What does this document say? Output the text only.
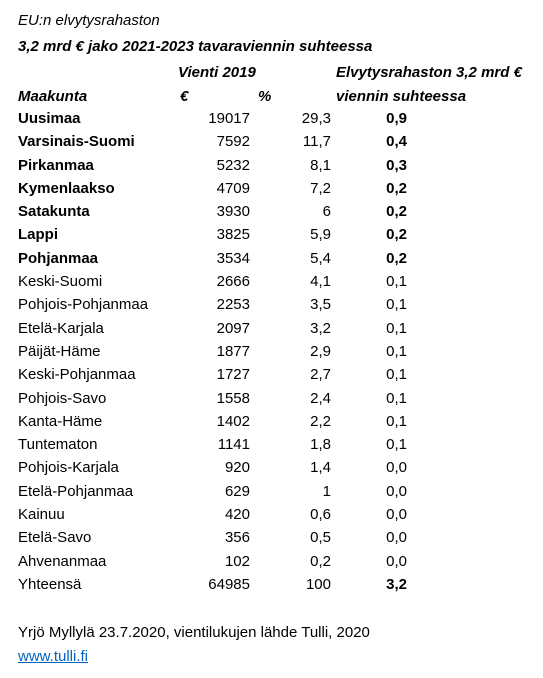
EU:n elvytysrahaston
3,2 mrd € jako 2021-2023 tavaraviennin suhteessa
Vienti 2019	Elvytysrahaston 3,2 mrd €
Maakunta	€	%	viennin suhteessa
Uusimaa	19017	29,3	0,9
Varsinais-Suomi	7592	11,7	0,4
Pirkanmaa	5232	8,1	0,3
Kymenlaakso	4709	7,2	0,2
Satakunta	3930	6	0,2
Lappi	3825	5,9	0,2
Pohjanmaa	3534	5,4	0,2
Keski-Suomi	2666	4,1	0,1
Pohjois-Pohjanmaa	2253	3,5	0,1
Etelä-Karjala	2097	3,2	0,1
Päijät-Häme	1877	2,9	0,1
Keski-Pohjanmaa	1727	2,7	0,1
Pohjois-Savo	1558	2,4	0,1
Kanta-Häme	1402	2,2	0,1
Tuntematon	1141	1,8	0,1
Pohjois-Karjala	920	1,4	0,0
Etelä-Pohjanmaa	629	1	0,0
Kainuu	420	0,6	0,0
Etelä-Savo	356	0,5	0,0
Ahvenanmaa	102	0,2	0,0
Yhteensä	64985	100	3,2
Yrjö Myllylä 23.7.2020, vientilukujen lähde Tulli, 2020
www.tulli.fi
